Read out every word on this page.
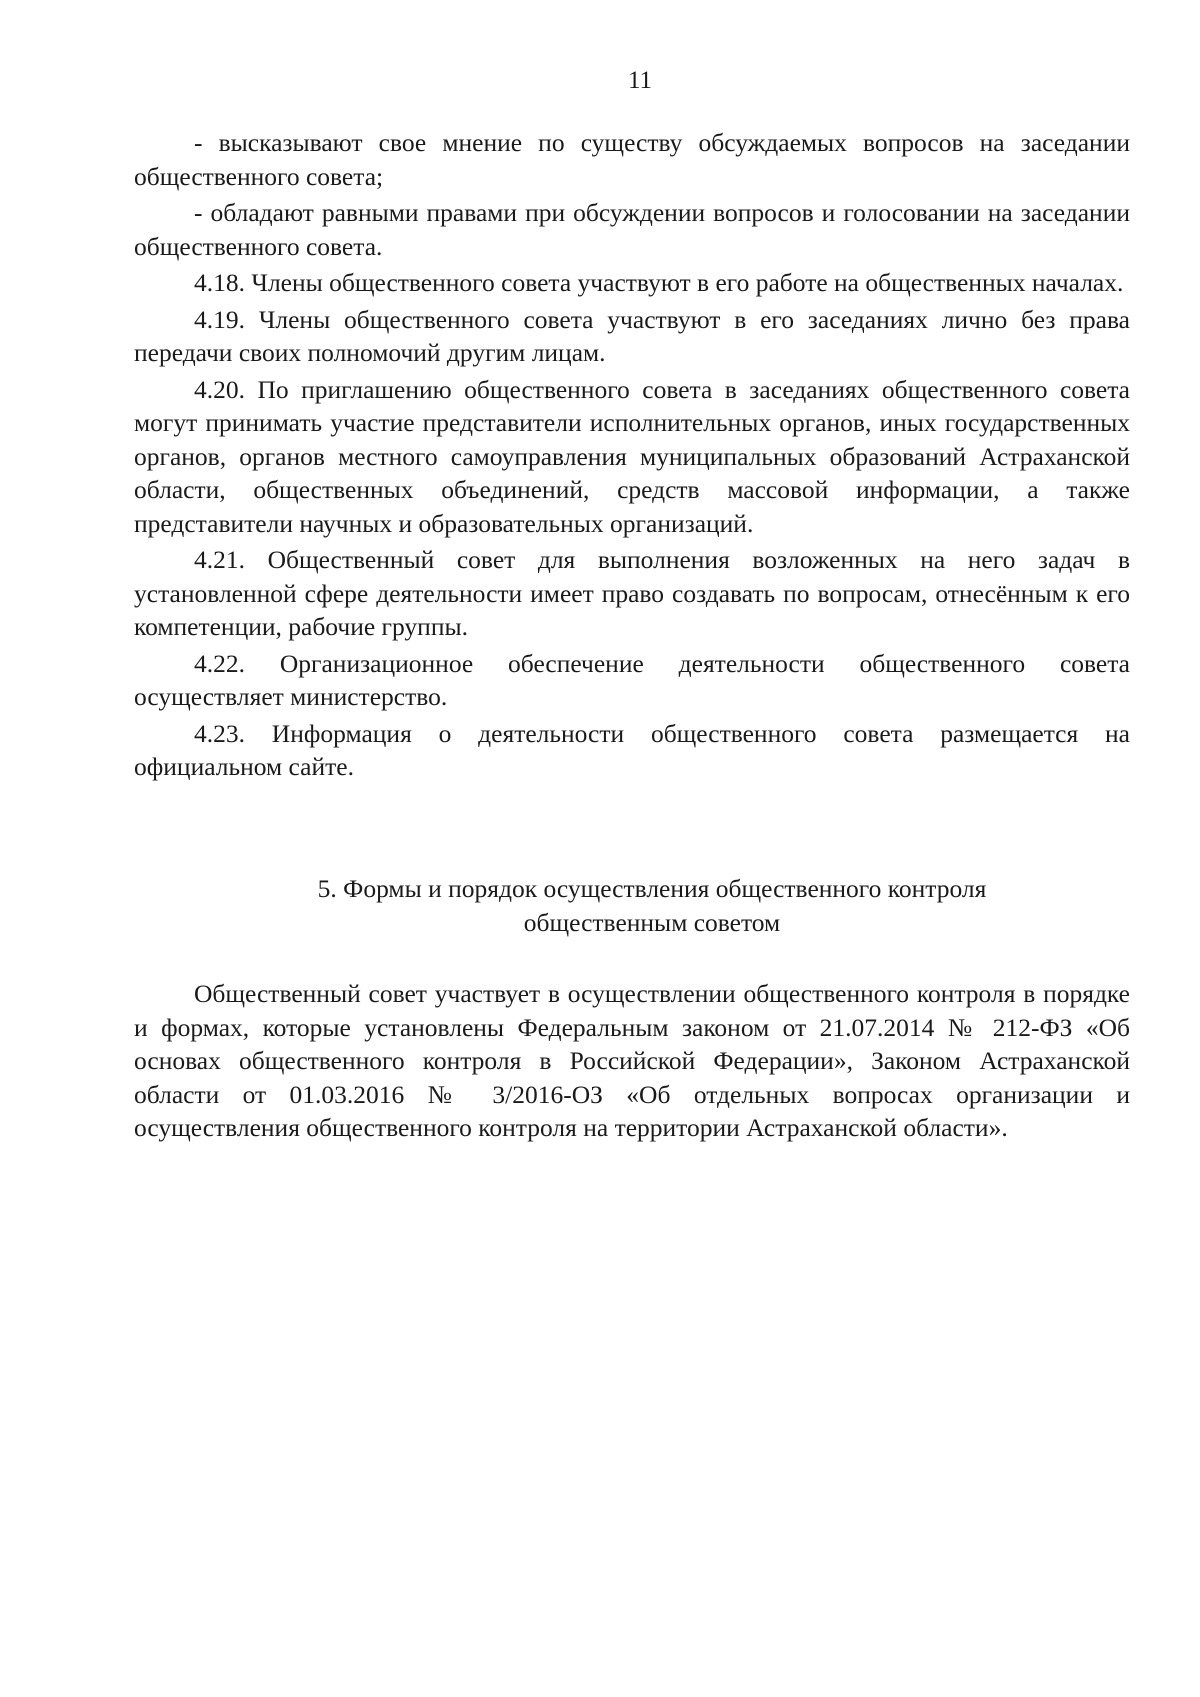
11

- высказывают свое мнение по существу обсуждаемых вопросов на заседании общественного совета;

- обладают равными правами при обсуждении вопросов и голосовании на заседании общественного совета.

4.18. Члены общественного совета участвуют в его работе на общественных началах.

4.19. Члены общественного совета участвуют в его заседаниях лично без права передачи своих полномочий другим лицам.

4.20. По приглашению общественного совета в заседаниях общественного совета могут принимать участие представители исполнительных органов, иных государственных органов, органов местного самоуправления муниципальных образований Астраханской области, общественных объединений, средств массовой информации, а также представители научных и образовательных организаций.

4.21. Общественный совет для выполнения возложенных на него задач в установленной сфере деятельности имеет право создавать по вопросам, отнесённым к его компетенции, рабочие группы.

4.22. Организационное обеспечение деятельности общественного совета осуществляет министерство.

4.23. Информация о деятельности общественного совета размещается на официальном сайте.

5. Формы и порядок осуществления общественного контроля
общественным советом

Общественный совет участвует в осуществлении общественного контроля в порядке и формах, которые установлены Федеральным законом от 21.07.2014 № 212-ФЗ «Об основах общественного контроля в Российской Федерации», Законом Астраханской области от 01.03.2016 № 3/2016-ОЗ «Об отдельных вопросах организации и осуществления общественного контроля на территории Астраханской области».
